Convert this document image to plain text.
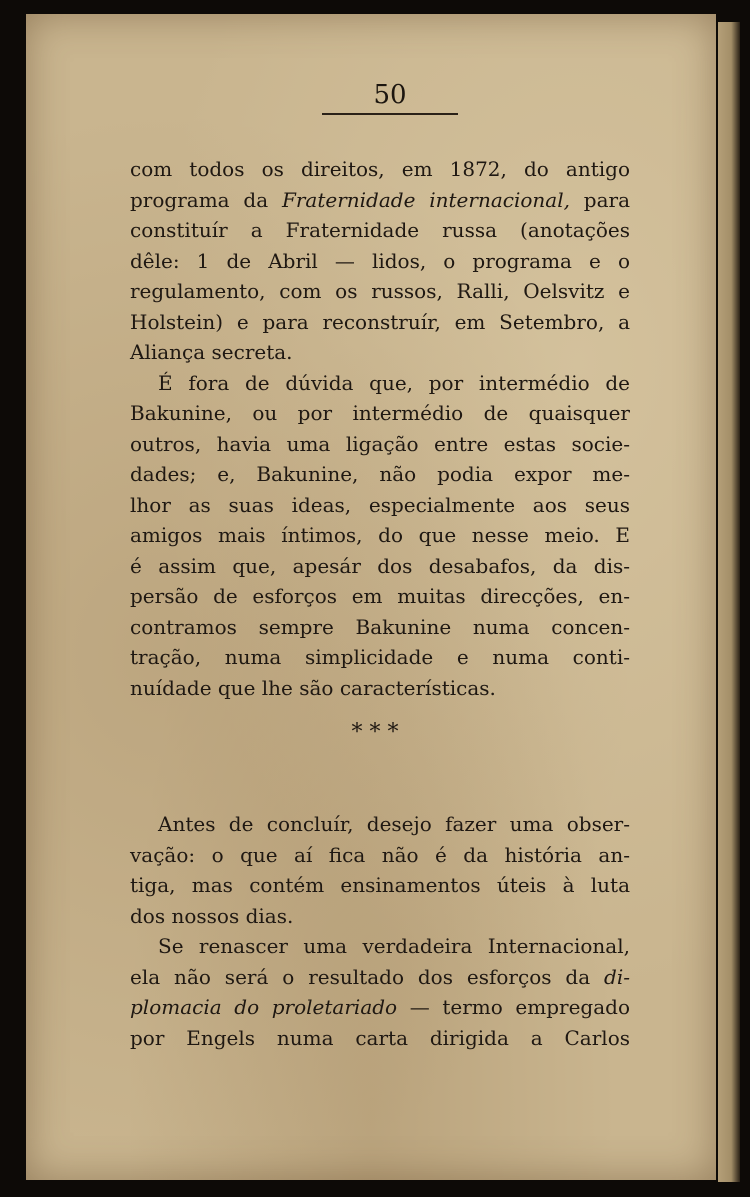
50

com todos os direitos, em 1872, do antigo
programa da Fraternidade internacional, para
constituír a Fraternidade russa (anotações
dêle: 1 de Abril — lidos, o programa e o
regulamento, com os russos, Ralli, Oelsvitz e
Holstein) e para reconstruír, em Setembro, a
Aliança secreta.

É fora de dúvida que, por intermédio de
Bakunine, ou por intermédio de quaisquer
outros, havia uma ligação entre estas socie-
dades; e, Bakunine, não podia expor me-
lhor as suas ideas, especialmente aos seus
amigos mais íntimos, do que nesse meio. E
é assim que, apesár dos desabafos, da dis-
persão de esforços em muitas direcções, en-
contramos sempre Bakunine numa concen-
tração, numa simplicidade e numa conti-
nuídade que lhe são características.

* * *

Antes de concluír, desejo fazer uma obser-
vação: o que aí fica não é da história an-
tiga, mas contém ensinamentos úteis à luta
dos nossos dias.

Se renascer uma verdadeira Internacional,
ela não será o resultado dos esforços da di-
plomacia do proletariado — termo empregado
por Engels numa carta dirigida a Carlos
